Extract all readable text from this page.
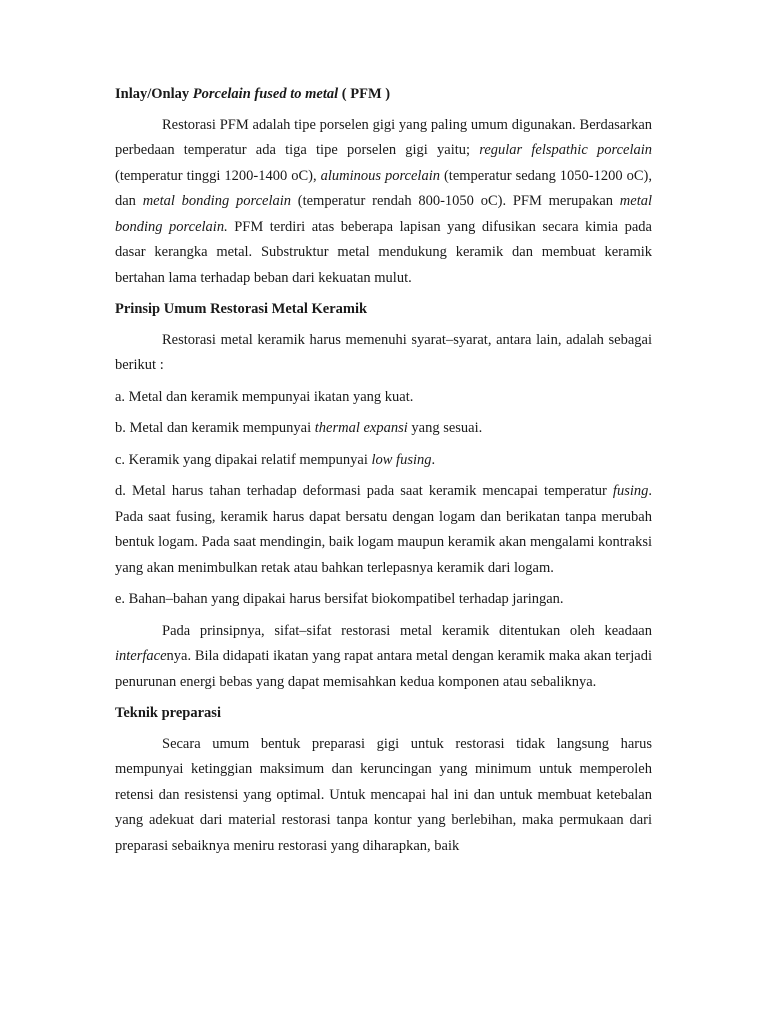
Inlay/Onlay Porcelain fused to metal ( PFM )

Restorasi PFM adalah tipe porselen gigi yang paling umum digunakan. Berdasarkan perbedaan temperatur ada tiga tipe porselen gigi yaitu; regular felspathic porcelain (temperatur tinggi 1200-1400 oC), aluminous porcelain (temperatur sedang 1050-1200 oC), dan metal bonding porcelain (temperatur rendah 800-1050 oC). PFM merupakan metal bonding porcelain. PFM terdiri atas beberapa lapisan yang difusikan secara kimia pada dasar kerangka metal. Substruktur metal mendukung keramik dan membuat keramik bertahan lama terhadap beban dari kekuatan mulut.

Prinsip Umum Restorasi Metal Keramik

Restorasi metal keramik harus memenuhi syarat–syarat, antara lain, adalah sebagai berikut :

a. Metal dan keramik mempunyai ikatan yang kuat.

b. Metal dan keramik mempunyai thermal expansi yang sesuai.

c. Keramik yang dipakai relatif mempunyai low fusing.

d. Metal harus tahan terhadap deformasi pada saat keramik mencapai temperatur fusing. Pada saat fusing, keramik harus dapat bersatu dengan logam dan berikatan tanpa merubah bentuk logam. Pada saat mendingin, baik logam maupun keramik akan mengalami kontraksi yang akan menimbulkan retak atau bahkan terlepasnya keramik dari logam.

e. Bahan–bahan yang dipakai harus bersifat biokompatibel terhadap jaringan.

Pada prinsipnya, sifat–sifat restorasi metal keramik ditentukan oleh keadaan interfacenya. Bila didapati ikatan yang rapat antara metal dengan keramik maka akan terjadi penurunan energi bebas yang dapat memisahkan kedua komponen atau sebaliknya.

Teknik preparasi

Secara umum bentuk preparasi gigi untuk restorasi tidak langsung harus mempunyai ketinggian maksimum dan keruncingan yang minimum untuk memperoleh retensi dan resistensi yang optimal. Untuk mencapai hal ini dan untuk membuat ketebalan yang adekuat dari material restorasi tanpa kontur yang berlebihan, maka permukaan dari preparasi sebaiknya meniru restorasi yang diharapkan, baik
